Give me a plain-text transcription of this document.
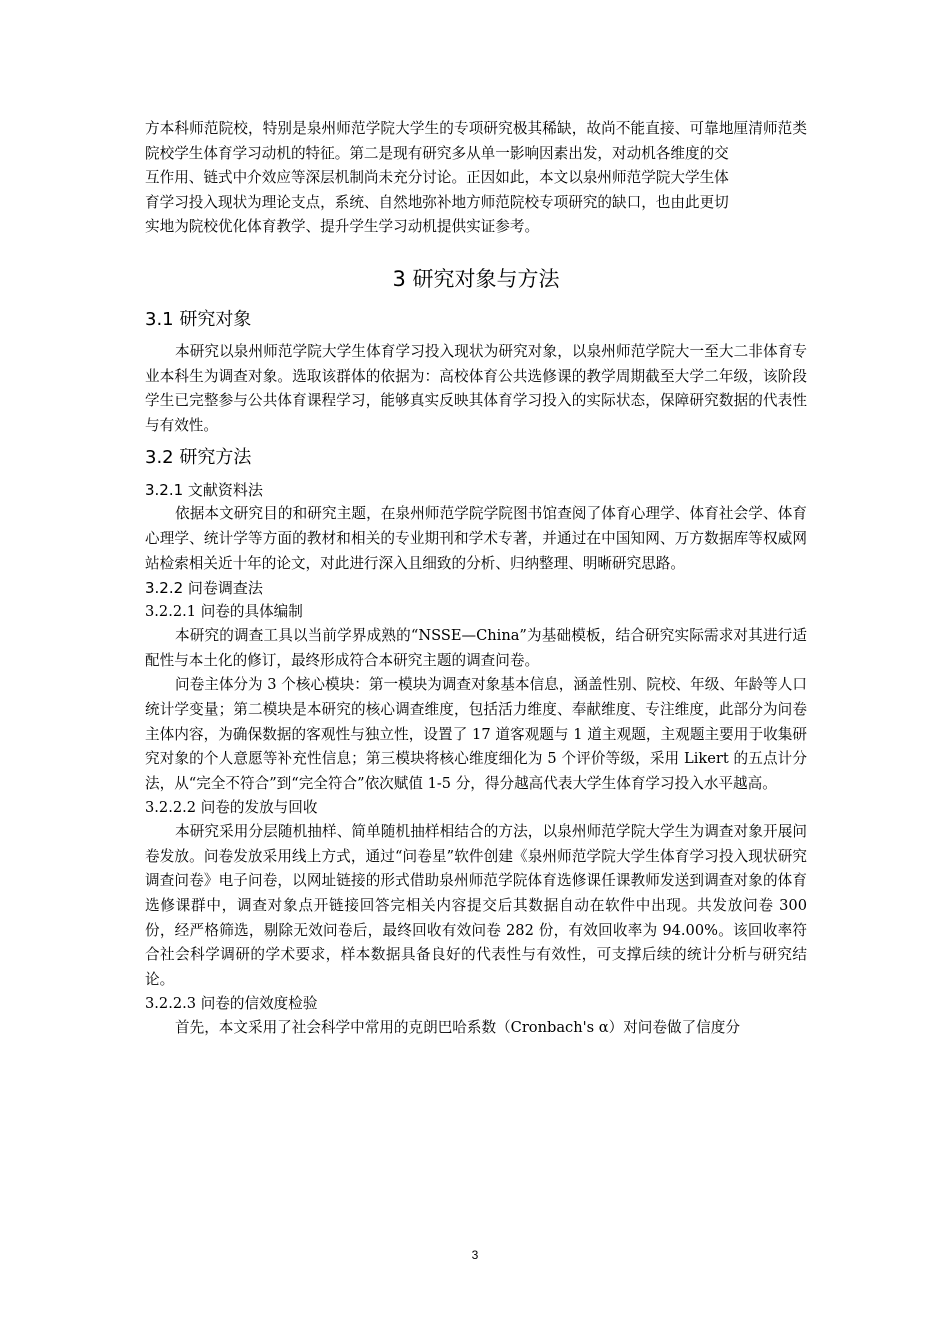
方本科师范院校，特别是泉州师范学院大学生的专项研究极其稀缺，故尚不能直接、可靠地厘清师范类院校学生体育学习动机的特征。第二是现有研究多从单一影响因素出发，对动机各维度的交

互作用、链式中介效应等深层机制尚未充分讨论。正因如此，本文以泉州师范学院大学生体

育学习投入现状为理论支点，系统、自然地弥补地方师范院校专项研究的缺口，也由此更切

实地为院校优化体育教学、提升学生学习动机提供实证参考。

3 研究对象与方法
3.1 研究对象

本研究以泉州师范学院大学生体育学习投入现状为研究对象，以泉州师范学院大一至大二非体育专业本科生为调查对象。选取该群体的依据为：高校体育公共选修课的教学周期截至大学二年级，该阶段学生已完整参与公共体育课程学习，能够真实反映其体育学习投入的实际状态，保障研究数据的代表性与有效性。

3.2 研究方法
3.2.1 文献资料法

依据本文研究目的和研究主题，在泉州师范学院学院图书馆查阅了体育心理学、体育社会学、体育心理学、统计学等方面的教材和相关的专业期刊和学术专著，并通过在中国知网、万方数据库等权威网站检索相关近十年的论文，对此进行深入且细致的分析、归纳整理、明晰研究思路。

3.2.2 问卷调查法
3.2.2.1 问卷的具体编制

本研究的调查工具以当前学界成熟的“NSSE—China”为基础模板，结合研究实际需求对其进行适配性与本土化的修订，最终形成符合本研究主题的调查问卷。

问卷主体分为 3 个核心模块：第一模块为调查对象基本信息，涵盖性别、院校、年级、年龄等人口统计学变量；第二模块是本研究的核心调查维度，包括活力维度、奉献维度、专注维度，此部分为问卷主体内容，为确保数据的客观性与独立性，设置了 17 道客观题与 1 道主观题，主观题主要用于收集研究对象的个人意愿等补充性信息；第三模块将核心维度细化为 5 个评价等级，采用 Likert 的五点计分法，从“完全不符合”到“完全符合”依次赋值 1-5 分，得分越高代表大学生体育学习投入水平越高。

3.2.2.2 问卷的发放与回收

本研究采用分层随机抽样、简单随机抽样相结合的方法，以泉州师范学院大学生为调查对象开展问卷发放。问卷发放采用线上方式，通过“问卷星”软件创建《泉州师范学院大学生体育学习投入现状研究调查问卷》电子问卷，以网址链接的形式借助泉州师范学院体育选修课任课教师发送到调查对象的体育选修课群中，调查对象点开链接回答完相关内容提交后其数据自动在软件中出现。共发放问卷 300 份，经严格筛选，剔除无效问卷后，最终回收有效问卷 282 份，有效回收率为 94.00%。该回收率符合社会科学调研的学术要求，样本数据具备良好的代表性与有效性，可支撑后续的统计分析与研究结论。

3.2.2.3 问卷的信效度检验

首先，本文采用了社会科学中常用的克朗巴哈系数（Cronbach's α）对问卷做了信度分

3
